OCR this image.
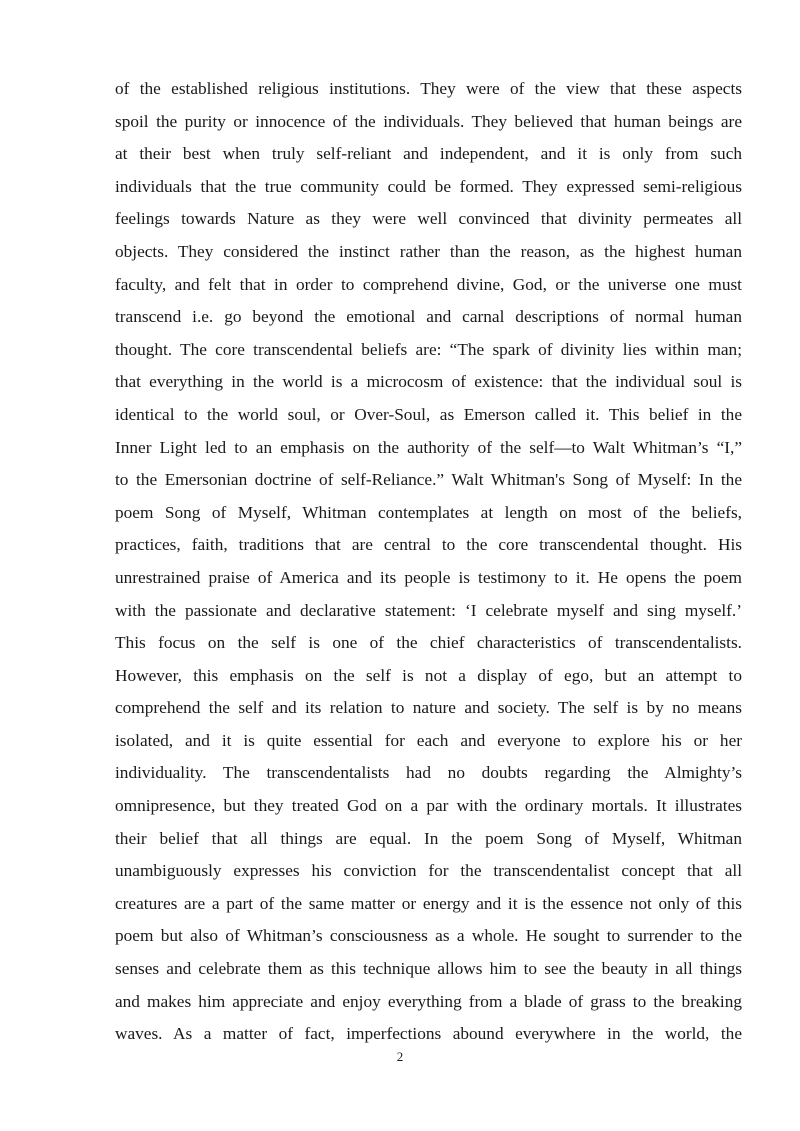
of the established religious institutions. They were of the view that these aspects
spoil the purity or innocence of the individuals. They believed that human beings are
at their best when truly self-reliant and independent, and it is only from such
individuals that the true community could be formed. They expressed semi-religious
feelings towards Nature as they were well convinced that divinity permeates all
objects. They considered the instinct rather than the reason, as the highest human
faculty, and felt that in order to comprehend divine, God, or the universe one must
transcend i.e. go beyond the emotional and carnal descriptions of normal human
thought. The core transcendental beliefs are: “The spark of divinity lies within man;
that everything in the world is a microcosm of existence: that the individual soul is
identical to the world soul, or Over-Soul, as Emerson called it. This belief in the
Inner Light led to an emphasis on the authority of the self—to Walt Whitman’s “I,”
to the Emersonian doctrine of self-Reliance.” Walt Whitman's Song of Myself: In the
poem Song of Myself, Whitman contemplates at length on most of the beliefs,
practices, faith, traditions that are central to the core transcendental thought. His
unrestrained praise of America and its people is testimony to it. He opens the poem
with the passionate and declarative statement: ‘I celebrate myself and sing myself.’
This focus on the self is one of the chief characteristics of transcendentalists.
However, this emphasis on the self is not a display of ego, but an attempt to
comprehend the self and its relation to nature and society. The self is by no means
isolated, and it is quite essential for each and everyone to explore his or her
individuality. The transcendentalists had no doubts regarding the Almighty’s
omnipresence, but they treated God on a par with the ordinary mortals. It illustrates
their belief that all things are equal. In the poem Song of Myself, Whitman
unambiguously expresses his conviction for the transcendentalist concept that all
creatures are a part of the same matter or energy and it is the essence not only of this
poem but also of Whitman’s consciousness as a whole. He sought to surrender to the
senses and celebrate them as this technique allows him to see the beauty in all things
and makes him appreciate and enjoy everything from a blade of grass to the breaking
waves. As a matter of fact, imperfections abound everywhere in the world, the
2
